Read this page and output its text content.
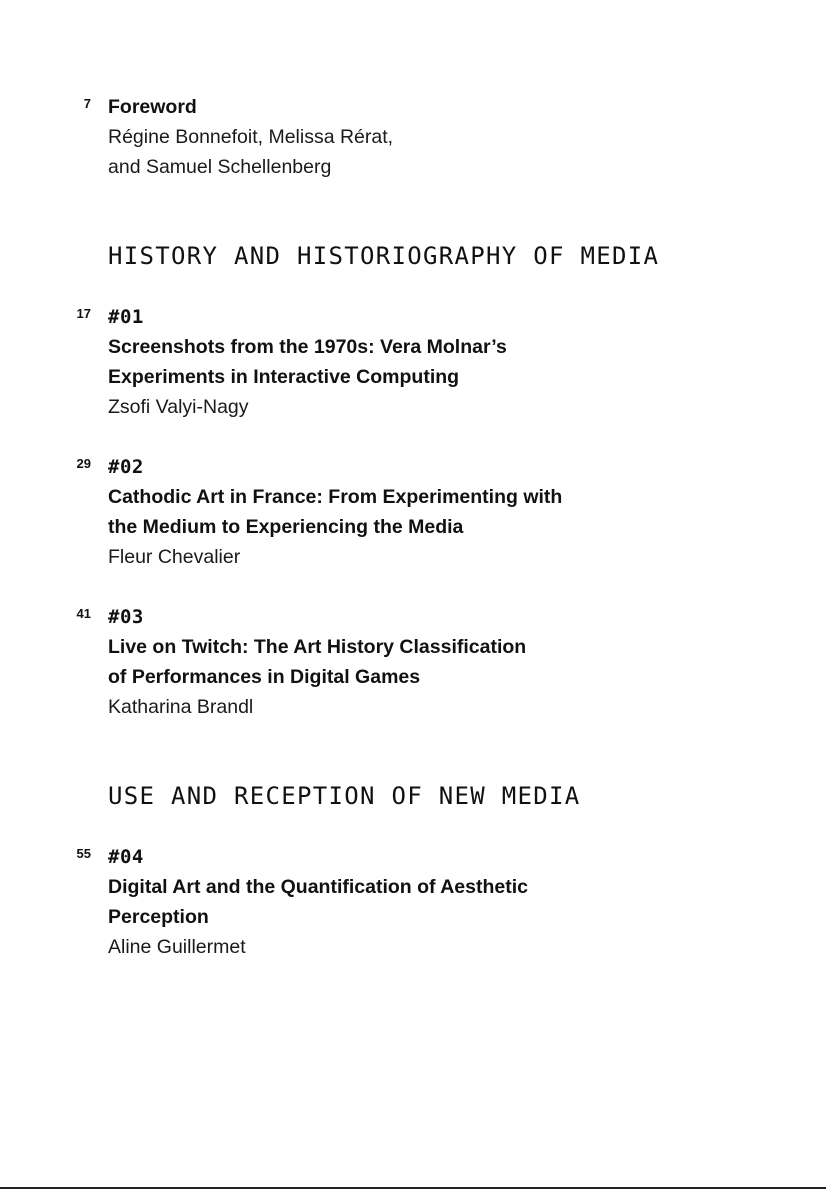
7 Foreword
Régine Bonnefoit, Melissa Rérat,
and Samuel Schellenberg
HISTORY AND HISTORIOGRAPHY OF MEDIA
17 #01
Screenshots from the 1970s: Vera Molnar’s
Experiments in Interactive Computing
Zsofi Valyi-Nagy
29 #02
Cathodic Art in France: From Experimenting with
the Medium to Experiencing the Media
Fleur Chevalier
41 #03
Live on Twitch: The Art History Classification
of Performances in Digital Games
Katharina Brandl
USE AND RECEPTION OF NEW MEDIA
55 #04
Digital Art and the Quantification of Aesthetic
Perception
Aline Guillermet
